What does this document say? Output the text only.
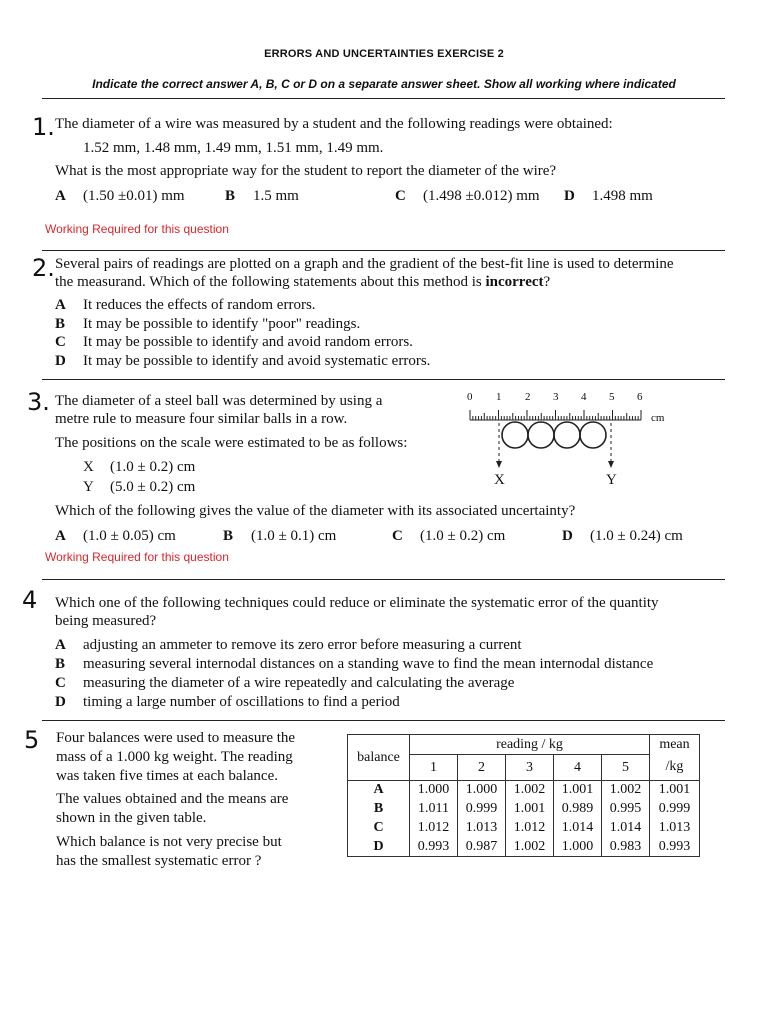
ERRORS AND UNCERTAINTIES EXERCISE 2
Indicate the correct answer A, B, C or D on a separate answer sheet. Show all working where indicated
1. The diameter of a wire was measured by a student and the following readings were obtained:
1.52 mm, 1.48 mm, 1.49 mm, 1.51 mm, 1.49 mm.
What is the most appropriate way for the student to report the diameter of the wire?
A (1.50 ±0.01) mm	B 1.5 mm	C (1.498 ±0.012) mm D 1.498 mm
Working Required for this question
2. Several pairs of readings are plotted on a graph and the gradient of the best-fit line is used to determine
the measurand. Which of the following statements about this method is incorrect?
A It reduces the effects of random errors.
B It may be possible to identify "poor" readings.
C It may be possible to identify and avoid random errors.
D It may be possible to identify and avoid systematic errors.
3. The diameter of a steel ball was determined by using a
metre rule to measure four similar balls in a row.
The positions on the scale were estimated to be as follows:
X (1.0 ± 0.2) cm
Y (5.0 ± 0.2) cm
Which of the following gives the value of the diameter with its associated uncertainty?
0 1 2 3 4 5 6
cm
X	Y
A (1.0 ± 0.05) cm	B (1.0 ± 0.1) cm	C (1.0 ± 0.2) cm	D (1.0 ± 0.24) cm
Working Required for this question
4 Which one of the following techniques could reduce or eliminate the systematic error of the quantity
being measured?
A adjusting an ammeter to remove its zero error before measuring a current
B measuring several internodal distances on a standing wave to find the mean internodal distance
C measuring the diameter of a wire repeatedly and calculating the average
D timing a large number of oscillations to find a period
5 Four balances were used to measure the
mass of a 1.000 kg weight. The reading
was taken five times at each balance.
The values obtained and the means are
shown in the given table.
Which balance is not very precise but
has the smallest systematic error ?
balance	reading / kg					mean
	1	2	3	4	5	/kg
A	1.000	1.000	1.002	1.001	1.002	1.001
B	1.011	0.999	1.001	0.989	0.995	0.999
C	1.012	1.013	1.012	1.014	1.014	1.013
D	0.993	0.987	1.002	1.000	0.983	0.993
